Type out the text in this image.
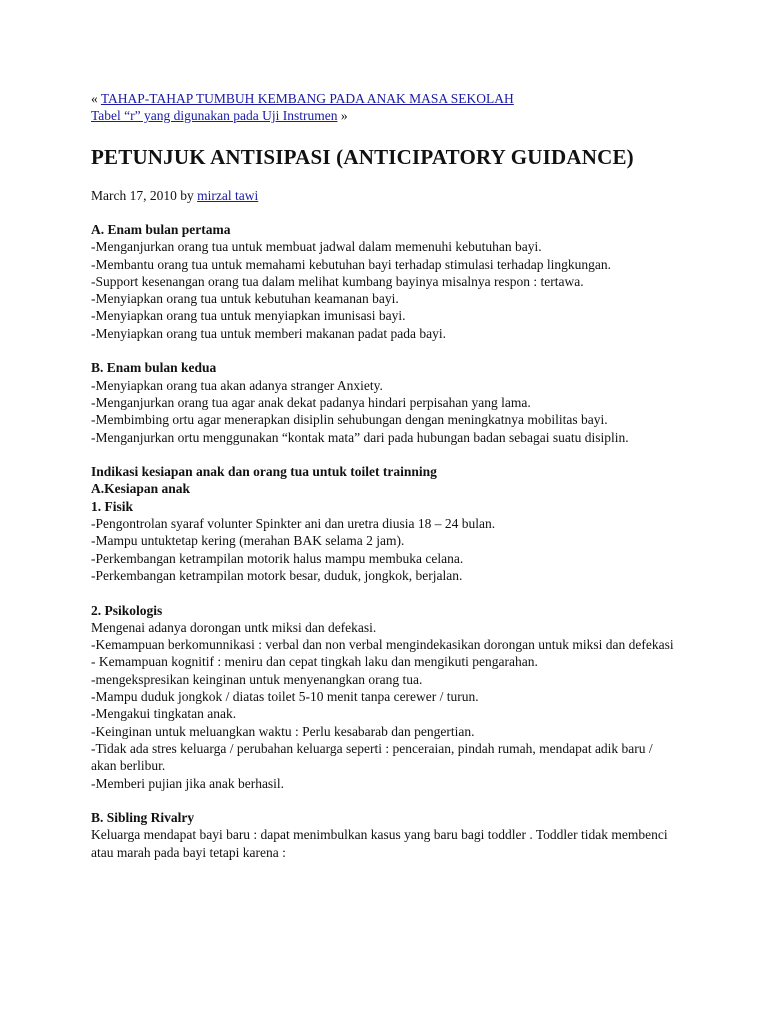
« TAHAP-TAHAP TUMBUH KEMBANG PADA ANAK MASA SEKOLAH
Tabel “r” yang digunakan pada Uji Instrumen »
PETUNJUK ANTISIPASI (ANTICIPATORY GUIDANCE)
March 17, 2010 by mirzal tawi
A. Enam bulan pertama
-Menganjurkan orang tua untuk membuat jadwal dalam memenuhi kebutuhan bayi.
-Membantu orang tua untuk memahami kebutuhan bayi terhadap stimulasi terhadap lingkungan.
-Support kesenangan orang tua dalam melihat kumbang bayinya misalnya respon : tertawa.
-Menyiapkan orang tua untuk kebutuhan keamanan bayi.
-Menyiapkan orang tua untuk menyiapkan imunisasi bayi.
-Menyiapkan orang tua untuk memberi makanan padat pada bayi.
B. Enam bulan kedua
-Menyiapkan orang tua akan adanya stranger Anxiety.
-Menganjurkan orang tua agar anak dekat padanya hindari perpisahan yang lama.
-Membimbing ortu agar menerapkan disiplin sehubungan dengan meningkatnya mobilitas bayi.
-Menganjurkan ortu menggunakan “kontak mata” dari pada hubungan badan sebagai suatu disiplin.
Indikasi kesiapan anak dan orang tua untuk toilet trainning
A.Kesiapan anak
1. Fisik
-Pengontrolan syaraf volunter Spinkter ani dan uretra diusia 18 – 24 bulan.
-Mampu untuktetap kering (merahan BAK selama 2 jam).
-Perkembangan ketrampilan motorik halus mampu membuka celana.
-Perkembangan ketrampilan motork besar, duduk, jongkok, berjalan.
2. Psikologis
Mengenai adanya dorongan untk miksi dan defekasi.
-Kemampuan berkomunnikasi : verbal dan non verbal mengindekasikan dorongan untuk miksi dan defekasi
- Kemampuan kognitif : meniru dan cepat tingkah laku dan mengikuti pengarahan.
-mengekspresikan keinginan untuk menyenangkan orang tua.
-Mampu duduk jongkok / diatas toilet 5-10 menit tanpa cerewer / turun.
-Mengakui tingkatan anak.
-Keinginan untuk meluangkan waktu : Perlu kesabarab dan pengertian.
-Tidak ada stres keluarga / perubahan keluarga seperti : penceraian, pindah rumah, mendapat adik baru / akan berlibur.
-Memberi pujian jika anak berhasil.
B. Sibling Rivalry
Keluarga mendapat bayi baru : dapat menimbulkan kasus yang baru bagi toddler . Toddler tidak membenci atau marah pada bayi tetapi karena :
